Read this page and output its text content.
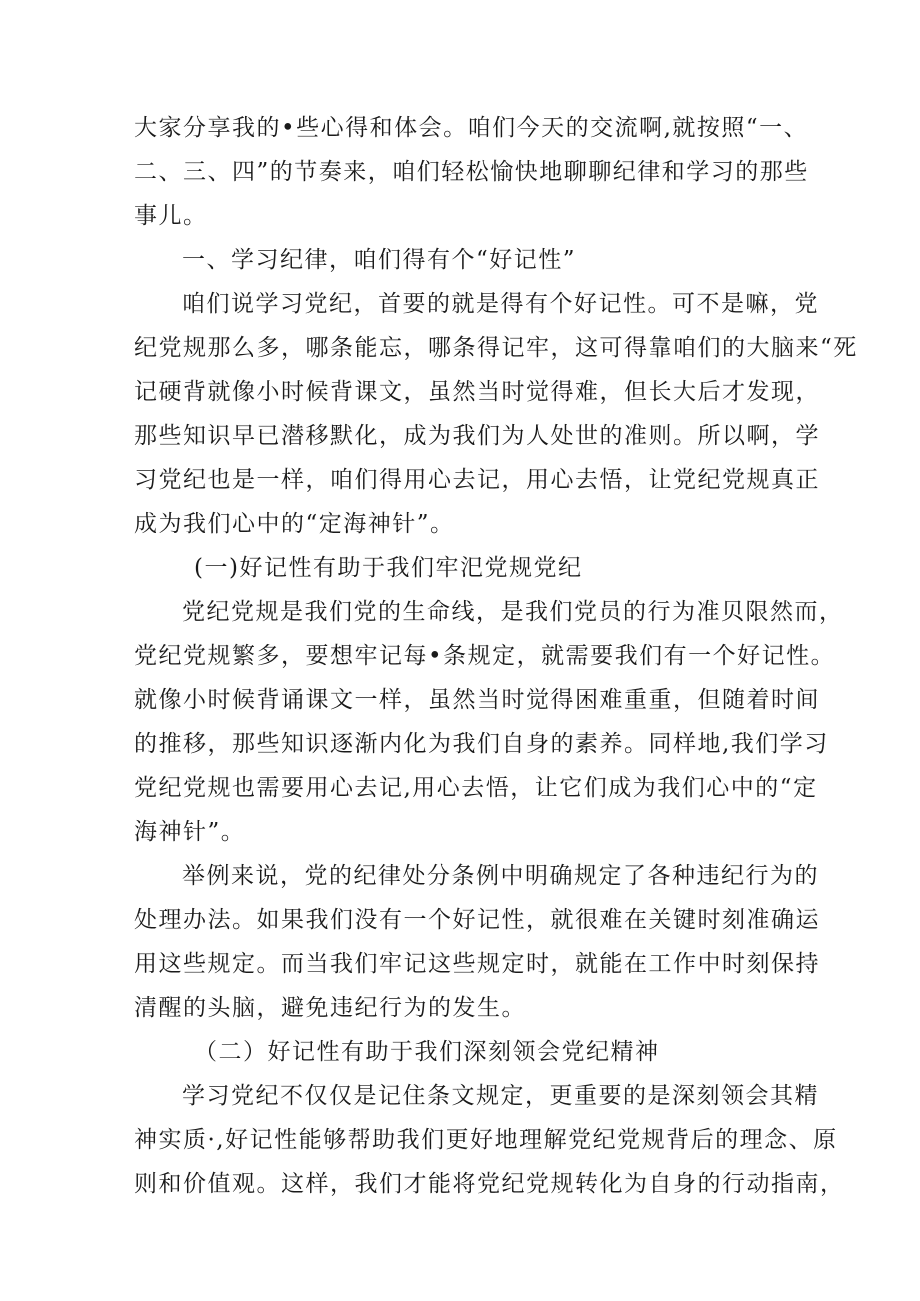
大家分享我的•些心得和体会。咱们今天的交流啊,就按照“一、
二、三、四”的节奏来，咱们轻松愉快地聊聊纪律和学习的那些
事儿。
一、学习纪律，咱们得有个“好记性”
咱们说学习党纪，首要的就是得有个好记性。可不是嘛，党
纪党规那么多，哪条能忘，哪条得记牢，这可得靠咱们的大脑来“死
记硬背就像小时候背课文，虽然当时觉得难，但长大后才发现，
那些知识早已潜移默化，成为我们为人处世的准则。所以啊，学
习党纪也是一样，咱们得用心去记，用心去悟，让党纪党规真正
成为我们心中的“定海神针”。
(一)好记性有助于我们牢汜党规党纪
党纪党规是我们党的生命线，是我们党员的行为准贝限然而，
党纪党规繁多，要想牢记每•条规定，就需要我们有一个好记性。
就像小时候背诵课文一样，虽然当时觉得困难重重，但随着时间
的推移，那些知识逐渐内化为我们自身的素养。同样地,我们学习
党纪党规也需要用心去记,用心去悟，让它们成为我们心中的“定
海神针”。
举例来说，党的纪律处分条例中明确规定了各种违纪行为的
处理办法。如果我们没有一个好记性，就很难在关键时刻准确运
用这些规定。而当我们牢记这些规定时，就能在工作中时刻保持
清醒的头脑，避免违纪行为的发生。
（二）好记性有助于我们深刻领会党纪精神
学习党纪不仅仅是记住条文规定，更重要的是深刻领会其精
神实质·,好记性能够帮助我们更好地理解党纪党规背后的理念、原
则和价值观。这样，我们才能将党纪党规转化为自身的行动指南，
